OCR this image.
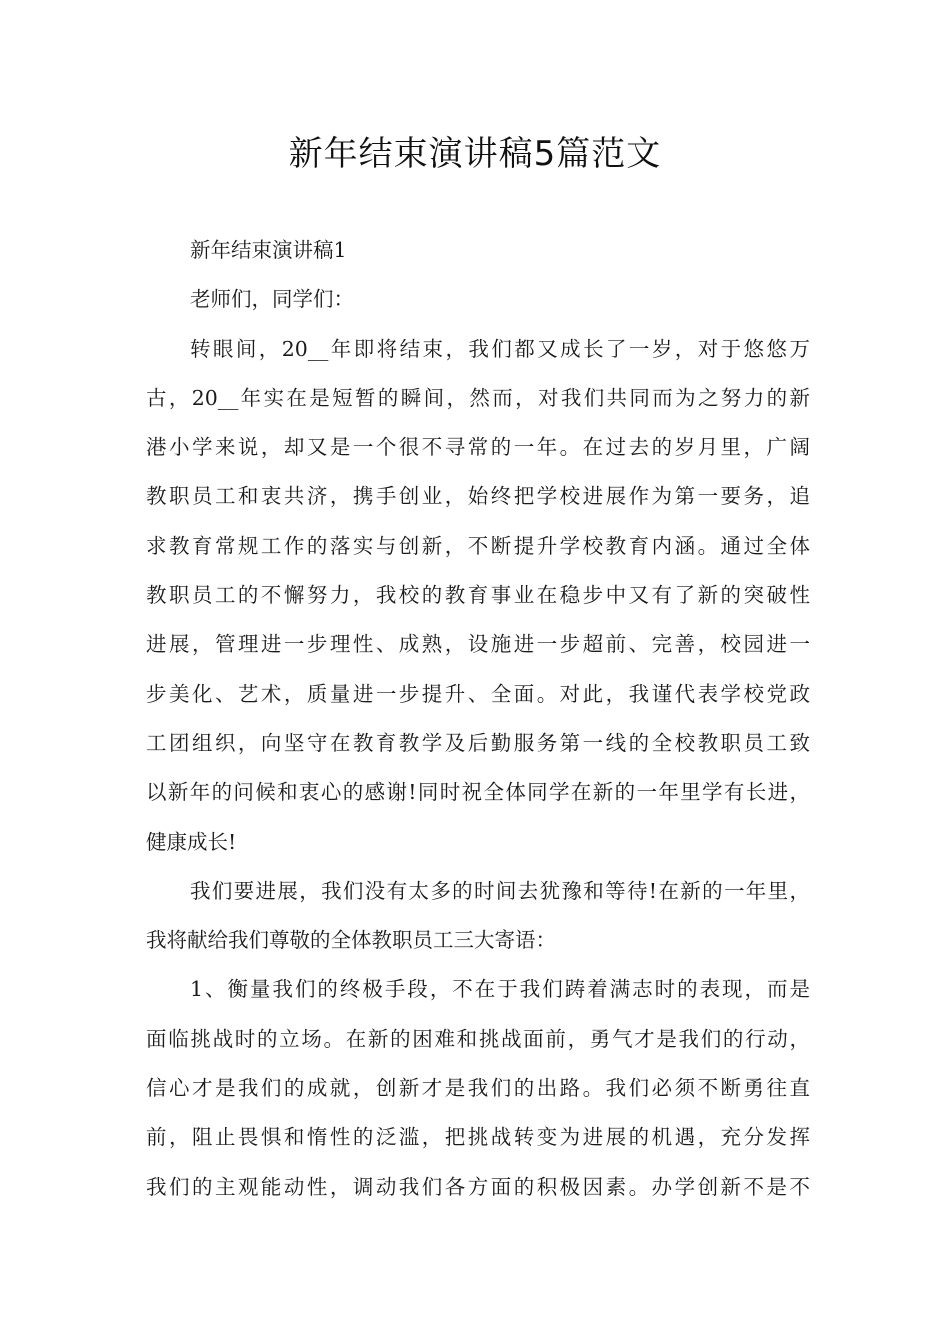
新年结束演讲稿5篇范文
新年结束演讲稿1
老师们，同学们：
转眼间，20__年即将结束，我们都又成长了一岁，对于悠悠万
古，20__年实在是短暂的瞬间，然而，对我们共同而为之努力的新
港小学来说，却又是一个很不寻常的一年。在过去的岁月里，广阔
教职员工和衷共济，携手创业，始终把学校进展作为第一要务，追
求教育常规工作的落实与创新，不断提升学校教育内涵。通过全体
教职员工的不懈努力，我校的教育事业在稳步中又有了新的突破性
进展，管理进一步理性、成熟，设施进一步超前、完善，校园进一
步美化、艺术，质量进一步提升、全面。对此，我谨代表学校党政
工团组织，向坚守在教育教学及后勤服务第一线的全校教职员工致
以新年的问候和衷心的感谢!同时祝全体同学在新的一年里学有长进，
健康成长!
我们要进展，我们没有太多的时间去犹豫和等待!在新的一年里，
我将献给我们尊敬的全体教职员工三大寄语：
1、衡量我们的终极手段，不在于我们踌着满志时的表现，而是
面临挑战时的立场。在新的困难和挑战面前，勇气才是我们的行动，
信心才是我们的成就，创新才是我们的出路。我们必须不断勇往直
前，阻止畏惧和惰性的泛滥，把挑战转变为进展的机遇，充分发挥
我们的主观能动性，调动我们各方面的积极因素。办学创新不是不
